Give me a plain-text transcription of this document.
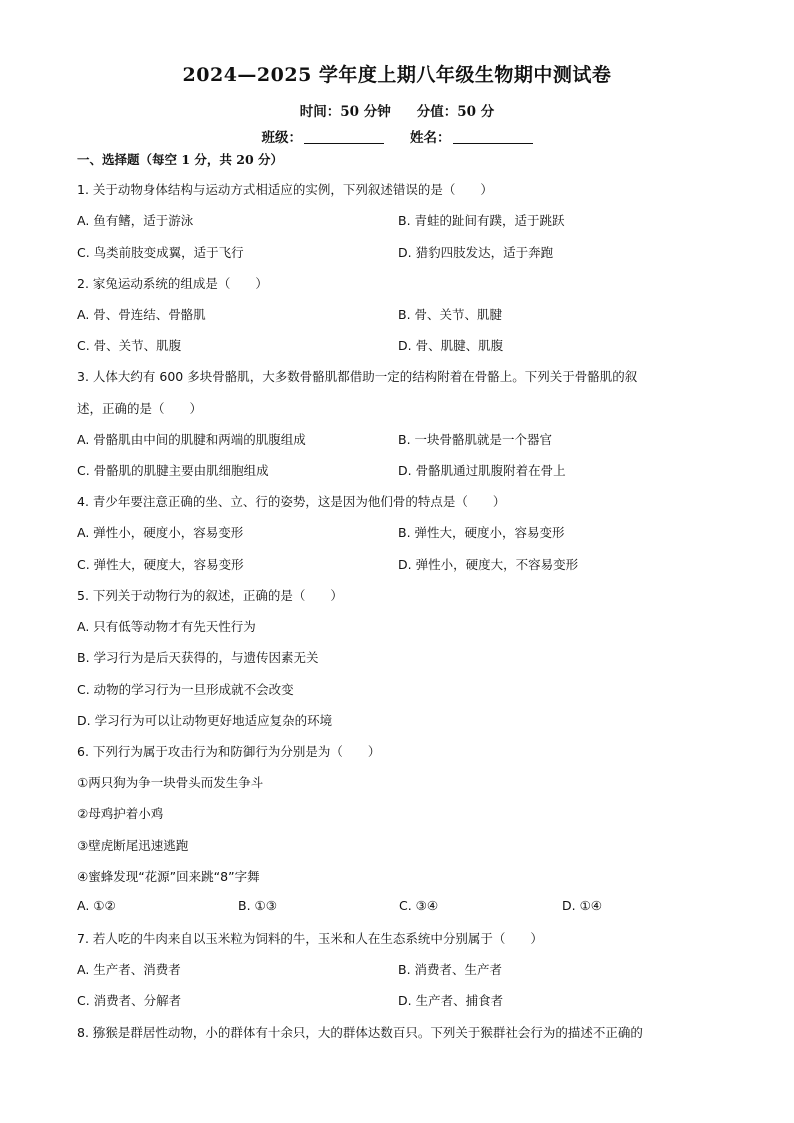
2024—2025 学年度上期八年级生物期中测试卷
时间：50 分钟 分值：50 分
班级：	姓名：
一、选择题（每空 1 分，共 20 分）
1. 关于动物身体结构与运动方式相适应的实例，下列叙述错误的是（　　）
A. 鱼有鳍，适于游泳	B. 青蛙的趾间有蹼，适于跳跃
C. 鸟类前肢变成翼，适于飞行	D. 猎豹四肢发达，适于奔跑
2. 家兔运动系统的组成是（　　）
A. 骨、骨连结、骨骼肌	B. 骨、关节、肌腱
C. 骨、关节、肌腹	D. 骨、肌腱、肌腹
3. 人体大约有 600 多块骨骼肌，大多数骨骼肌都借助一定的结构附着在骨骼上。下列关于骨骼肌的叙
述，正确的是（　　）
A. 骨骼肌由中间的肌腱和两端的肌腹组成	B. 一块骨骼肌就是一个器官
C. 骨骼肌的肌腱主要由肌细胞组成	D. 骨骼肌通过肌腹附着在骨上
4. 青少年要注意正确的坐、立、行的姿势，这是因为他们骨的特点是（　　）
A. 弹性小，硬度小，容易变形	B. 弹性大，硬度小，容易变形
C. 弹性大，硬度大，容易变形	D. 弹性小，硬度大，不容易变形
5. 下列关于动物行为的叙述，正确的是（　　）
A. 只有低等动物才有先天性行为
B. 学习行为是后天获得的，与遗传因素无关
C. 动物的学习行为一旦形成就不会改变
D. 学习行为可以让动物更好地适应复杂的环境
6. 下列行为属于攻击行为和防御行为分别是为（　　）
①两只狗为争一块骨头而发生争斗
②母鸡护着小鸡
③壁虎断尾迅速逃跑
④蜜蜂发现“花源”回来跳“8”字舞
A. ①②	B. ①③	C. ③④	D. ①④
7. 若人吃的牛肉来自以玉米粒为饲料的牛，玉米和人在生态系统中分别属于（　　）
A. 生产者、消费者	B. 消费者、生产者
C. 消费者、分解者	D. 生产者、捕食者
8. 猕猴是群居性动物，小的群体有十余只，大的群体达数百只。下列关于猴群社会行为的描述不正确的
